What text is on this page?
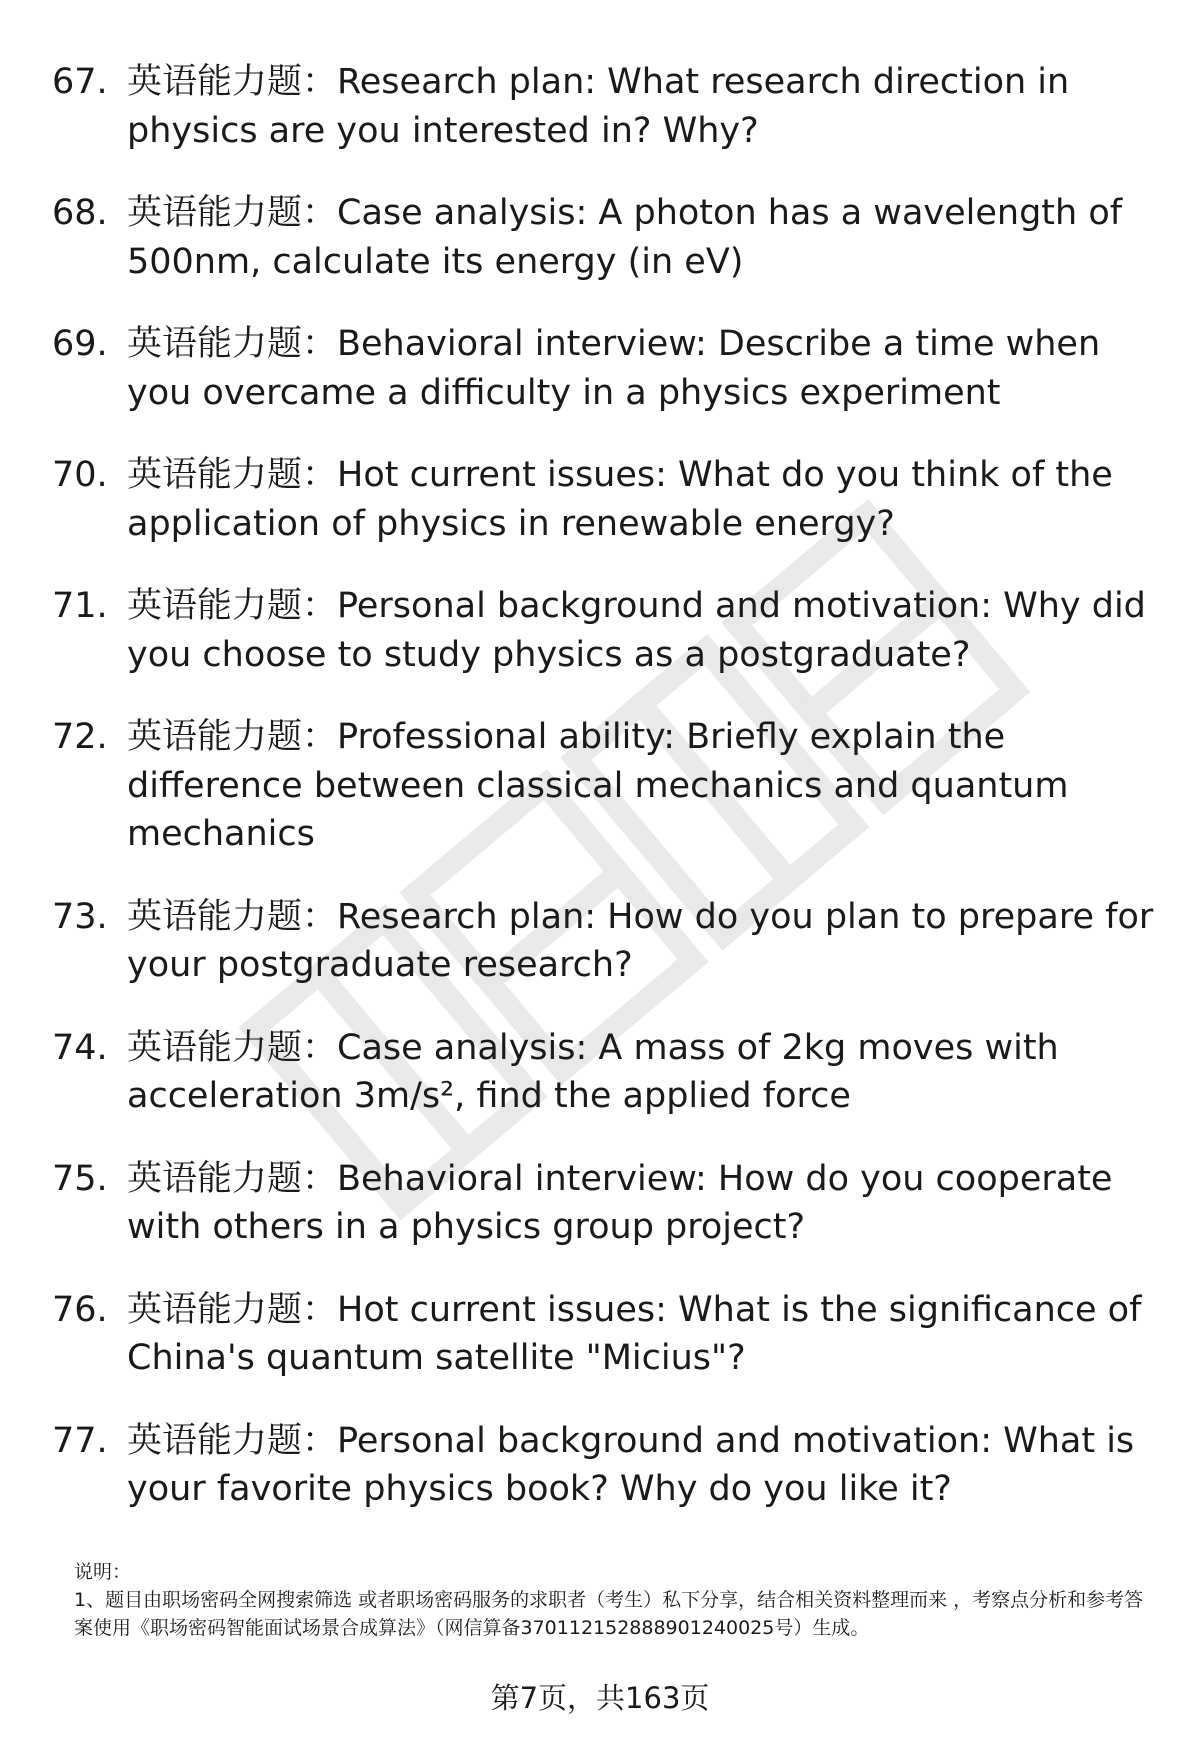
67. 英语能力题：Research plan: What research direction in physics are you interested in? Why?
68. 英语能力题：Case analysis: A photon has a wavelength of 500nm, calculate its energy (in eV)
69. 英语能力题：Behavioral interview: Describe a time when you overcame a difficulty in a physics experiment
70. 英语能力题：Hot current issues: What do you think of the application of physics in renewable energy?
71. 英语能力题：Personal background and motivation: Why did you choose to study physics as a postgraduate?
72. 英语能力题：Professional ability: Briefly explain the difference between classical mechanics and quantum mechanics
73. 英语能力题：Research plan: How do you plan to prepare for your postgraduate research?
74. 英语能力题：Case analysis: A mass of 2kg moves with acceleration 3m/s², find the applied force
75. 英语能力题：Behavioral interview: How do you cooperate with others in a physics group project?
76. 英语能力题：Hot current issues: What is the significance of China's quantum satellite "Micius"?
77. 英语能力题：Personal background and motivation: What is your favorite physics book? Why do you like it?
说明：
1、题目由职场密码全网搜索筛选 或者职场密码服务的求职者（考生）私下分享，结合相关资料整理而来 ，考察点分析和参考答案使用《职场密码智能面试场景合成算法》（网信算备370112152888901240025号）生成。
第7页，共163页
